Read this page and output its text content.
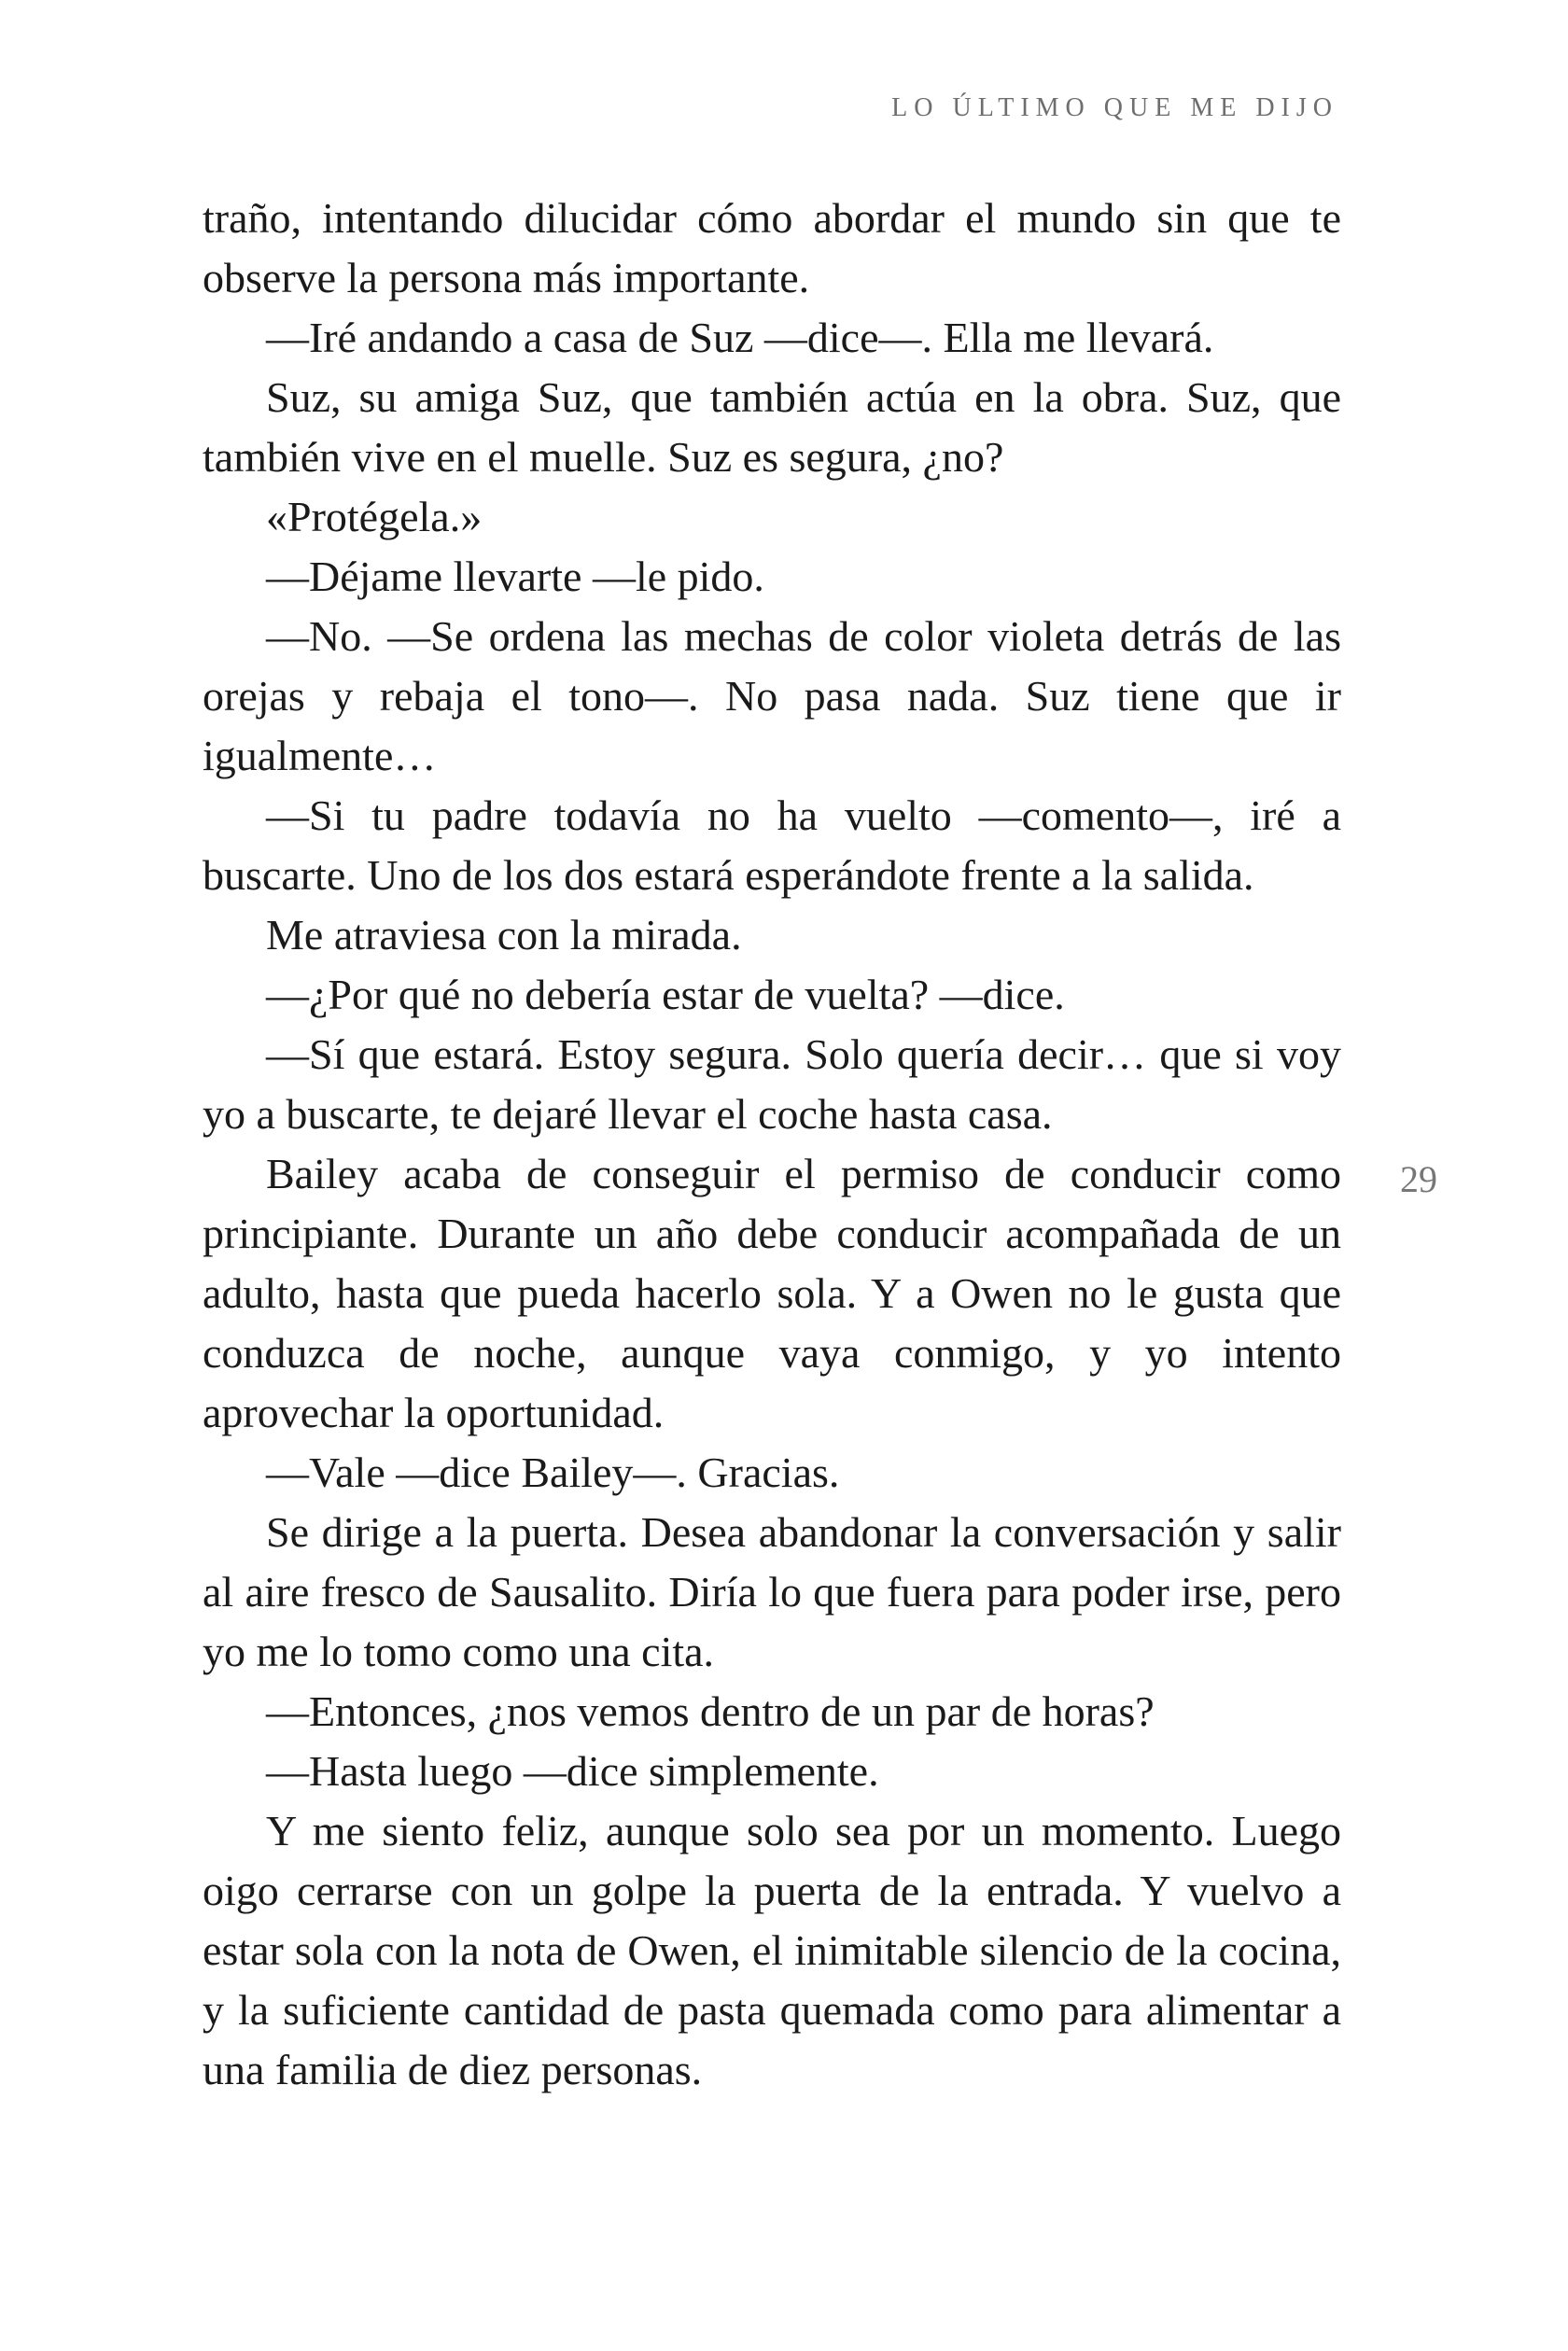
LO ÚLTIMO QUE ME DIJO
29

traño, intentando dilucidar cómo abordar el mundo sin que te observe la persona más importante.

—Iré andando a casa de Suz —dice—. Ella me llevará.

Suz, su amiga Suz, que también actúa en la obra. Suz, que también vive en el muelle. Suz es segura, ¿no?

«Protégela.»

—Déjame llevarte —le pido.

—No. —Se ordena las mechas de color violeta detrás de las orejas y rebaja el tono—. No pasa nada. Suz tiene que ir igualmente…

—Si tu padre todavía no ha vuelto —comento—, iré a buscarte. Uno de los dos estará esperándote frente a la salida.

Me atraviesa con la mirada.

—¿Por qué no debería estar de vuelta? —dice.

—Sí que estará. Estoy segura. Solo quería decir… que si voy yo a buscarte, te dejaré llevar el coche hasta casa.

Bailey acaba de conseguir el permiso de conducir como principiante. Durante un año debe conducir acompañada de un adulto, hasta que pueda hacerlo sola. Y a Owen no le gusta que conduzca de noche, aunque vaya conmigo, y yo intento aprovechar la oportunidad.

—Vale —dice Bailey—. Gracias.

Se dirige a la puerta. Desea abandonar la conversación y salir al aire fresco de Sausalito. Diría lo que fuera para poder irse, pero yo me lo tomo como una cita.

—Entonces, ¿nos vemos dentro de un par de horas?

—Hasta luego —dice simplemente.

Y me siento feliz, aunque solo sea por un momento. Luego oigo cerrarse con un golpe la puerta de la entrada. Y vuelvo a estar sola con la nota de Owen, el inimitable silencio de la cocina, y la suficiente cantidad de pasta quemada como para alimentar a una familia de diez personas.
